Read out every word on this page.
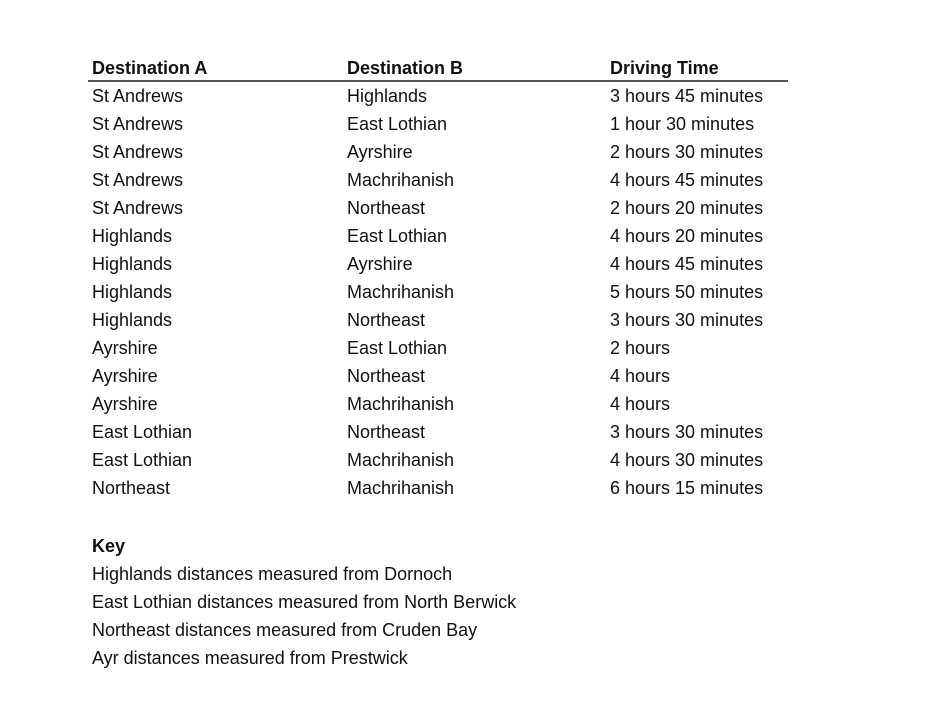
Destination A	Destination B	Driving Time
St Andrews	Highlands	3 hours 45 minutes
St Andrews	East Lothian	1 hour 30 minutes
St Andrews	Ayrshire	2 hours 30 minutes
St Andrews	Machrihanish	4 hours 45 minutes
St Andrews	Northeast	2 hours 20 minutes
Highlands	East Lothian	4 hours 20 minutes
Highlands	Ayrshire	4 hours 45 minutes
Highlands	Machrihanish	5 hours 50 minutes
Highlands	Northeast	3 hours 30 minutes
Ayrshire	East Lothian	2 hours
Ayrshire	Northeast	4 hours
Ayrshire	Machrihanish	4 hours
East Lothian	Northeast	3 hours 30 minutes
East Lothian	Machrihanish	4 hours 30 minutes
Northeast	Machrihanish	6 hours 15 minutes
Key
Highlands distances measured from Dornoch
East Lothian distances measured from North Berwick
Northeast distances measured from Cruden Bay
Ayr distances measured from Prestwick
